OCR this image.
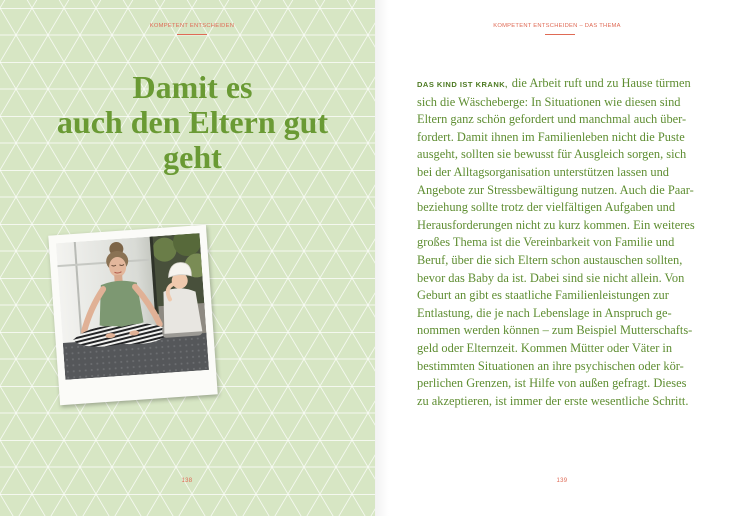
KOMPETENT ENTSCHEIDEN
Damit es
auch den Eltern gut
geht
138
KOMPETENT ENTSCHEIDEN – DAS THEMA
DAS KIND IST KRANK, die Arbeit ruft und zu Hause türmen
sich die Wäscheberge: In Situationen wie diesen sind
Eltern ganz schön gefordert und manchmal auch über-
fordert. Damit ihnen im Familienleben nicht die Puste
ausgeht, sollten sie bewusst für Ausgleich sorgen, sich
bei der Alltagsorganisation unterstützen lassen und
Angebote zur Stressbewältigung nutzen. Auch die Paar-
beziehung sollte trotz der vielfältigen Aufgaben und
Herausforderungen nicht zu kurz kommen. Ein weiteres
großes Thema ist die Vereinbarkeit von Familie und
Beruf, über die sich Eltern schon austauschen sollten,
bevor das Baby da ist. Dabei sind sie nicht allein. Von
Geburt an gibt es staatliche Familienleistungen zur
Entlastung, die je nach Lebenslage in Anspruch ge-
nommen werden können – zum Beispiel Mutterschafts-
geld oder Elternzeit. Kommen Mütter oder Väter in
bestimmten Situationen an ihre psychischen oder kör-
perlichen Grenzen, ist Hilfe von außen gefragt. Dieses
zu akzeptieren, ist immer der erste wesentliche Schritt.
139
